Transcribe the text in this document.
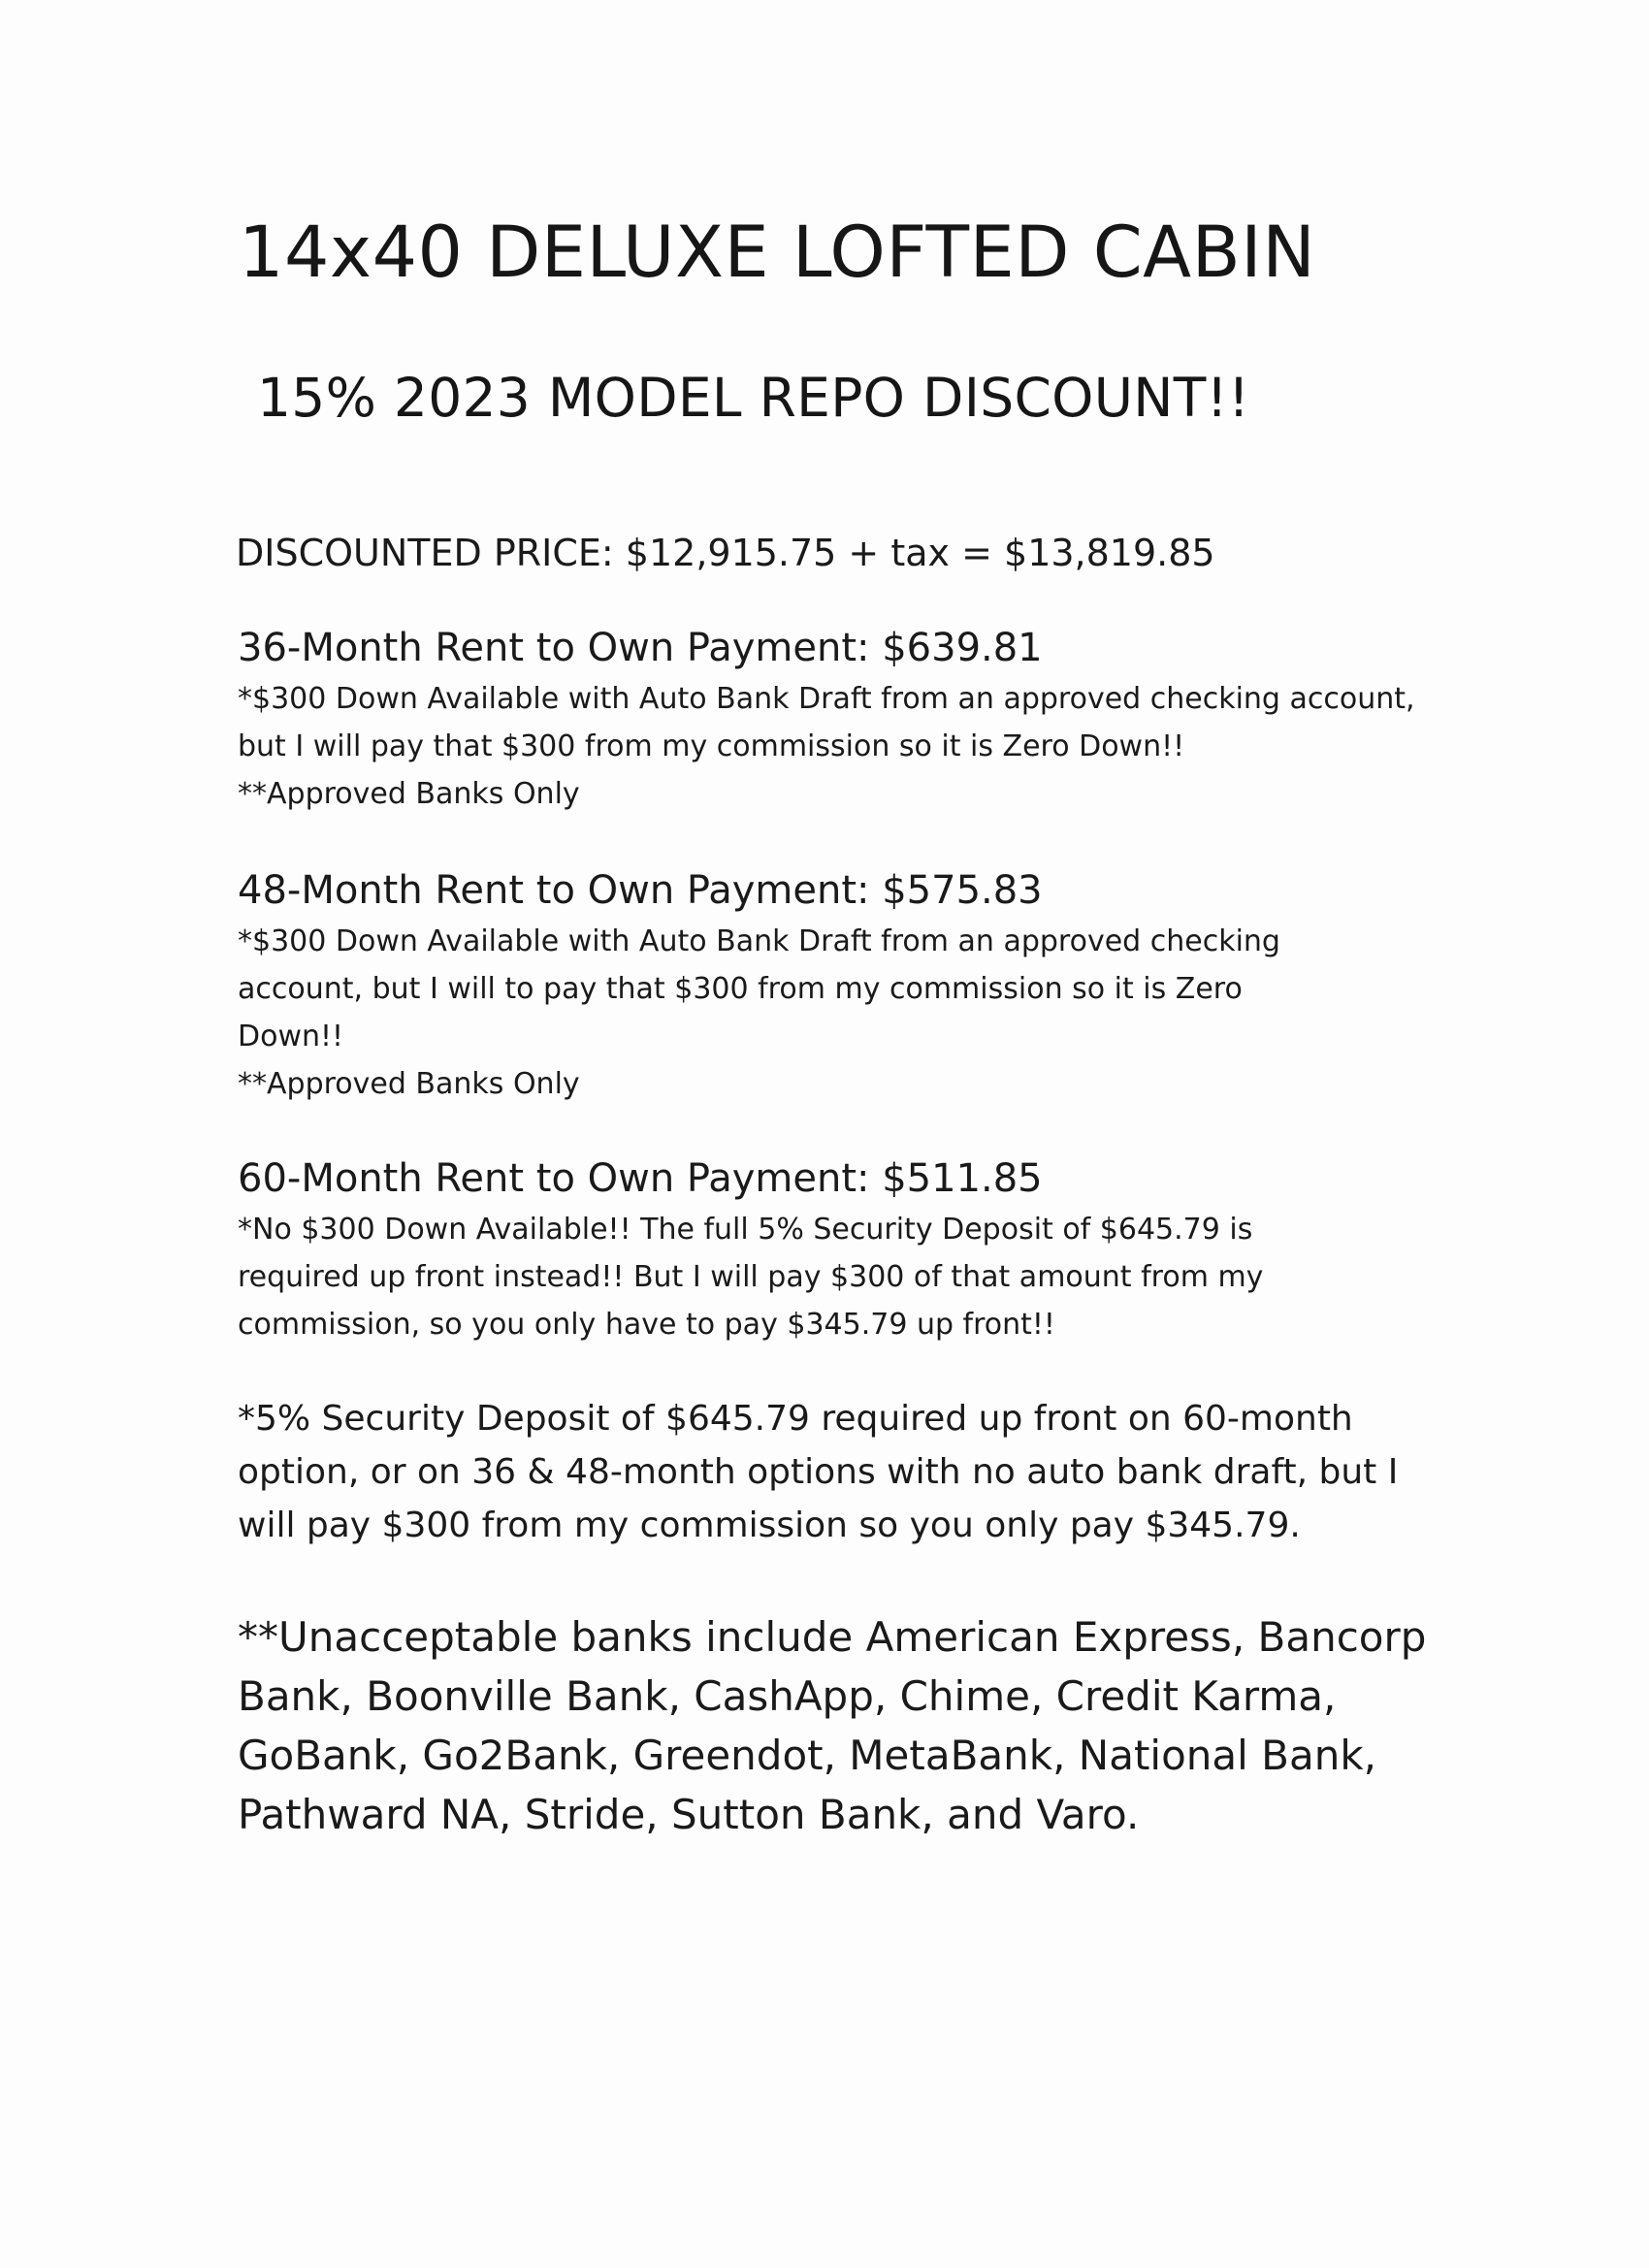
14x40 DELUXE LOFTED CABIN
15% 2023 MODEL REPO DISCOUNT!!
DISCOUNTED PRICE: $12,915.75 + tax = $13,819.85

36-Month Rent to Own Payment: $639.81

*$300 Down Available with Auto Bank Draft from an approved checking account, but I will pay that $300 from my commission so it is Zero Down!!

**Approved Banks Only

48-Month Rent to Own Payment: $575.83

*$300 Down Available with Auto Bank Draft from an approved checking account, but I will to pay that $300 from my commission so it is Zero Down!!

**Approved Banks Only

60-Month Rent to Own Payment: $511.85

*No $300 Down Available!! The full 5% Security Deposit of $645.79 is required up front instead!! But I will pay $300 of that amount from my commission, so you only have to pay $345.79 up front!!

*5% Security Deposit of $645.79 required up front on 60-month option, or on 36 & 48-month options with no auto bank draft, but I will pay $300 from my commission so you only pay $345.79.

**Unacceptable banks include American Express, Bancorp Bank, Boonville Bank, CashApp, Chime, Credit Karma, GoBank, Go2Bank, Greendot, MetaBank, National Bank, Pathward NA, Stride, Sutton Bank, and Varo.
